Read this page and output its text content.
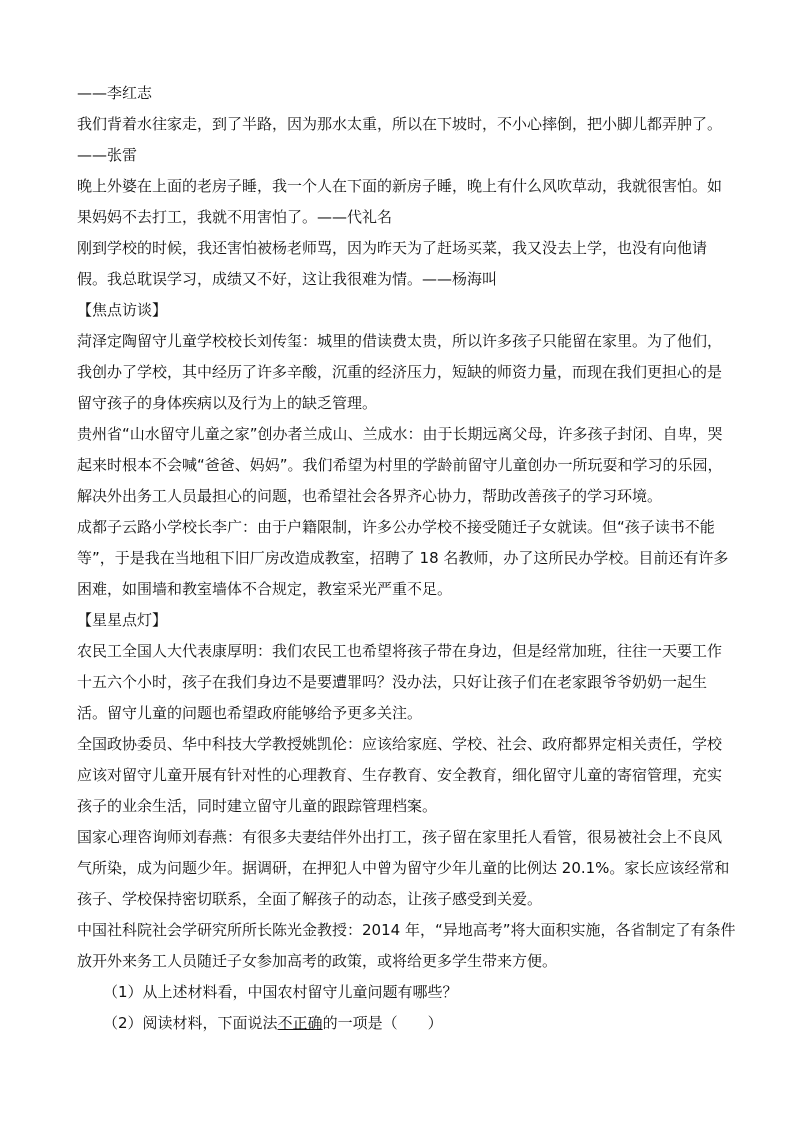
——李红志
我们背着水往家走，到了半路，因为那水太重，所以在下坡时，不小心摔倒，把小脚儿都弄肿了。
——张雷
晚上外婆在上面的老房子睡，我一个人在下面的新房子睡，晚上有什么风吹草动，我就很害怕。如
果妈妈不去打工，我就不用害怕了。——代礼名
刚到学校的时候，我还害怕被杨老师骂，因为昨天为了赶场买菜，我又没去上学，也没有向他请
假。我总耽误学习，成绩又不好，这让我很难为情。——杨海叫
【焦点访谈】
菏泽定陶留守儿童学校校长刘传玺：城里的借读费太贵，所以许多孩子只能留在家里。为了他们，
我创办了学校，其中经历了许多辛酸，沉重的经济压力，短缺的师资力量，而现在我们更担心的是
留守孩子的身体疾病以及行为上的缺乏管理。
贵州省“山水留守儿童之家”创办者兰成山、兰成水：由于长期远离父母，许多孩子封闭、自卑，哭
起来时根本不会喊“爸爸、妈妈”。我们希望为村里的学龄前留守儿童创办一所玩耍和学习的乐园，
解决外出务工人员最担心的问题，也希望社会各界齐心协力，帮助改善孩子的学习环境。
成都子云路小学校长李广：由于户籍限制，许多公办学校不接受随迁子女就读。但“孩子读书不能
等”，于是我在当地租下旧厂房改造成教室，招聘了 18 名教师，办了这所民办学校。目前还有许多
困难，如围墙和教室墙体不合规定，教室采光严重不足。
【星星点灯】
农民工全国人大代表康厚明：我们农民工也希望将孩子带在身边，但是经常加班，往往一天要工作
十五六个小时，孩子在我们身边不是要遭罪吗？没办法，只好让孩子们在老家跟爷爷奶奶一起生
活。留守儿童的问题也希望政府能够给予更多关注。
全国政协委员、华中科技大学教授姚凯伦：应该给家庭、学校、社会、政府都界定相关责任，学校
应该对留守儿童开展有针对性的心理教育、生存教育、安全教育，细化留守儿童的寄宿管理，充实
孩子的业余生活，同时建立留守儿童的跟踪管理档案。
国家心理咨询师刘春燕：有很多夫妻结伴外出打工，孩子留在家里托人看管，很易被社会上不良风
气所染，成为问题少年。据调研，在押犯人中曾为留守少年儿童的比例达 20.1%。家长应该经常和
孩子、学校保持密切联系，全面了解孩子的动态，让孩子感受到关爱。
中国社科院社会学研究所所长陈光金教授：2014 年，“异地高考”将大面积实施，各省制定了有条件
放开外来务工人员随迁子女参加高考的政策，或将给更多学生带来方便。
（1）从上述材料看，中国农村留守儿童问题有哪些？
（2）阅读材料，下面说法不正确的一项是（　　）
